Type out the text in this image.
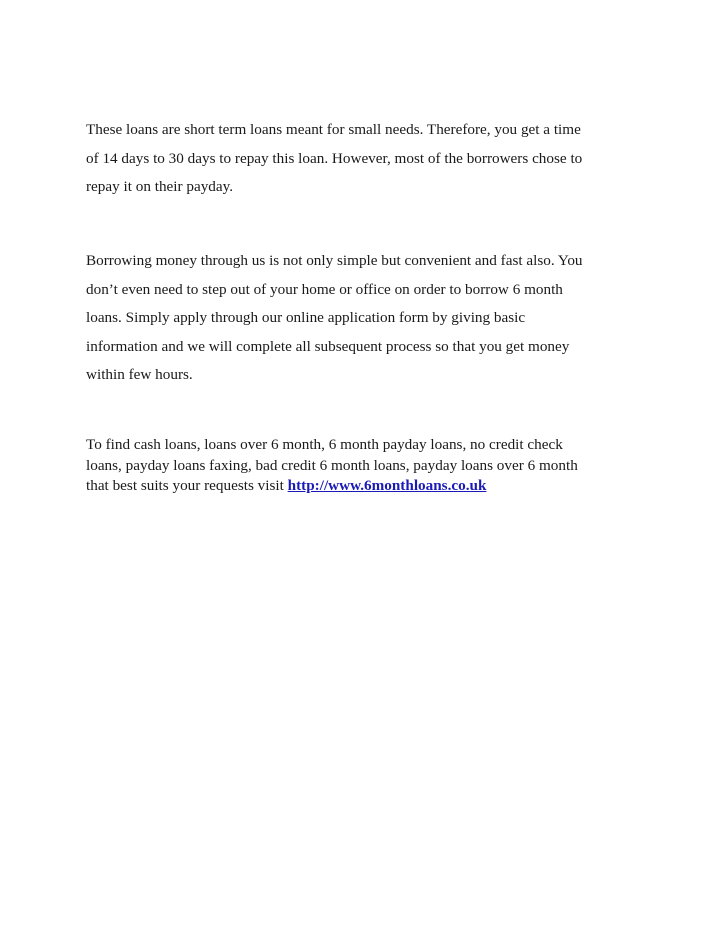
These loans are short term loans meant for small needs. Therefore, you get a time
of 14 days to 30 days to repay this loan. However, most of the borrowers chose to
repay it on their payday.

Borrowing money through us is not only simple but convenient and fast also. You
don’t even need to step out of your home or office on order to borrow 6 month
loans. Simply apply through our online application form by giving basic
information and we will complete all subsequent process so that you get money
within few hours.

To find cash loans, loans over 6 month, 6 month payday loans, no credit check
loans, payday loans faxing, bad credit 6 month loans, payday loans over 6 month
that best suits your requests visit http://www.6monthloans.co.uk
